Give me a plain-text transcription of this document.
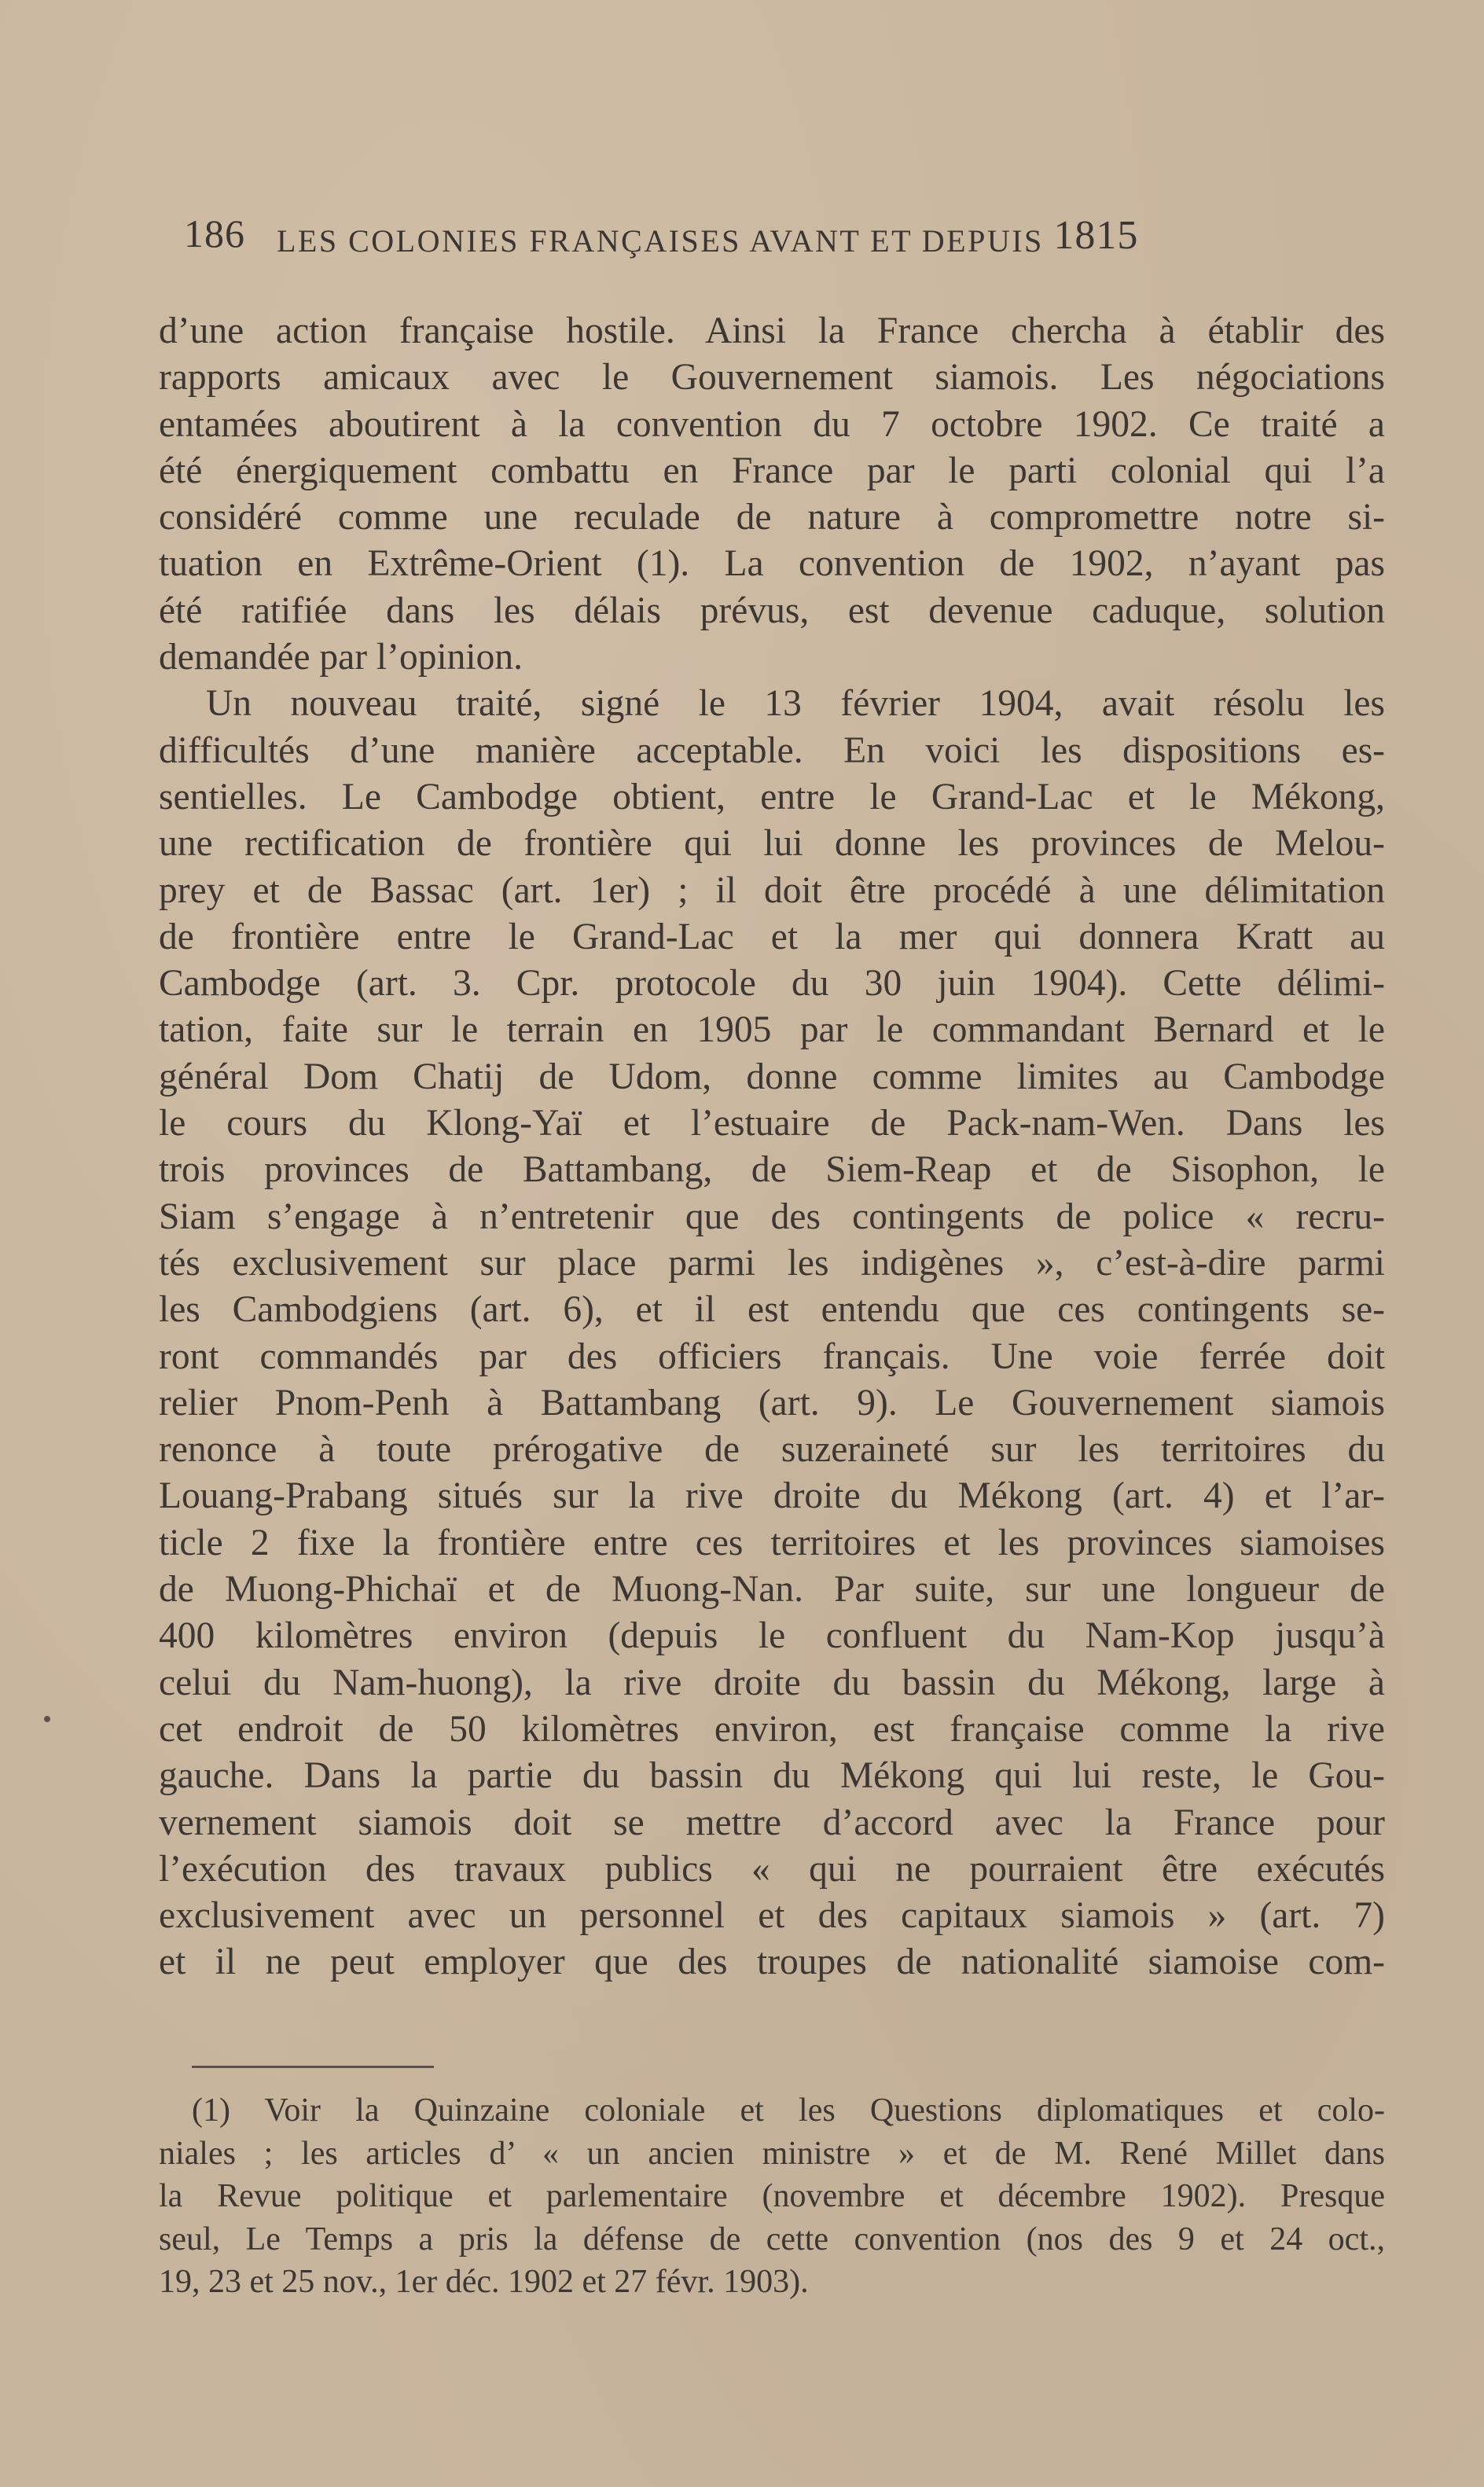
186 LES COLONIES FRANÇAISES AVANT ET DEPUIS 1815
d’une action française hostile. Ainsi la France chercha à établir des
rapports amicaux avec le Gouvernement siamois. Les négociations
entamées aboutirent à la convention du 7 octobre 1902. Ce traité a
été énergiquement combattu en France par le parti colonial qui l’a
considéré comme une reculade de nature à compromettre notre si-
tuation en Extrême-Orient (1). La convention de 1902, n’ayant pas
été ratifiée dans les délais prévus, est devenue caduque, solution
demandée par l’opinion.
Un nouveau traité, signé le 13 février 1904, avait résolu les
difficultés d’une manière acceptable. En voici les dispositions es-
sentielles. Le Cambodge obtient, entre le Grand-Lac et le Mékong,
une rectification de frontière qui lui donne les provinces de Melou-
prey et de Bassac (art. 1er) ; il doit être procédé à une délimitation
de frontière entre le Grand-Lac et la mer qui donnera Kratt au
Cambodge (art. 3. Cpr. protocole du 30 juin 1904). Cette délimi-
tation, faite sur le terrain en 1905 par le commandant Bernard et le
général Dom Chatij de Udom, donne comme limites au Cambodge
le cours du Klong-Yaï et l’estuaire de Pack-nam-Wen. Dans les
trois provinces de Battambang, de Siem-Reap et de Sisophon, le
Siam s’engage à n’entretenir que des contingents de police « recru-
tés exclusivement sur place parmi les indigènes », c’est-à-dire parmi
les Cambodgiens (art. 6), et il est entendu que ces contingents se-
ront commandés par des officiers français. Une voie ferrée doit
relier Pnom-Penh à Battambang (art. 9). Le Gouvernement siamois
renonce à toute prérogative de suzeraineté sur les territoires du
Louang-Prabang situés sur la rive droite du Mékong (art. 4) et l’ar-
ticle 2 fixe la frontière entre ces territoires et les provinces siamoises
de Muong-Phichaï et de Muong-Nan. Par suite, sur une longueur de
400 kilomètres environ (depuis le confluent du Nam-Kop jusqu’à
celui du Nam-huong), la rive droite du bassin du Mékong, large à
cet endroit de 50 kilomètres environ, est française comme la rive
gauche. Dans la partie du bassin du Mékong qui lui reste, le Gou-
vernement siamois doit se mettre d’accord avec la France pour
l’exécution des travaux publics « qui ne pourraient être exécutés
exclusivement avec un personnel et des capitaux siamois » (art. 7)
et il ne peut employer que des troupes de nationalité siamoise com-
(1) Voir la Quinzaine coloniale et les Questions diplomatiques et colo-
niales ; les articles d’ « un ancien ministre » et de M. René Millet dans
la Revue politique et parlementaire (novembre et décembre 1902). Presque
seul, Le Temps a pris la défense de cette convention (nos des 9 et 24 oct.,
19, 23 et 25 nov., 1er déc. 1902 et 27 févr. 1903).
